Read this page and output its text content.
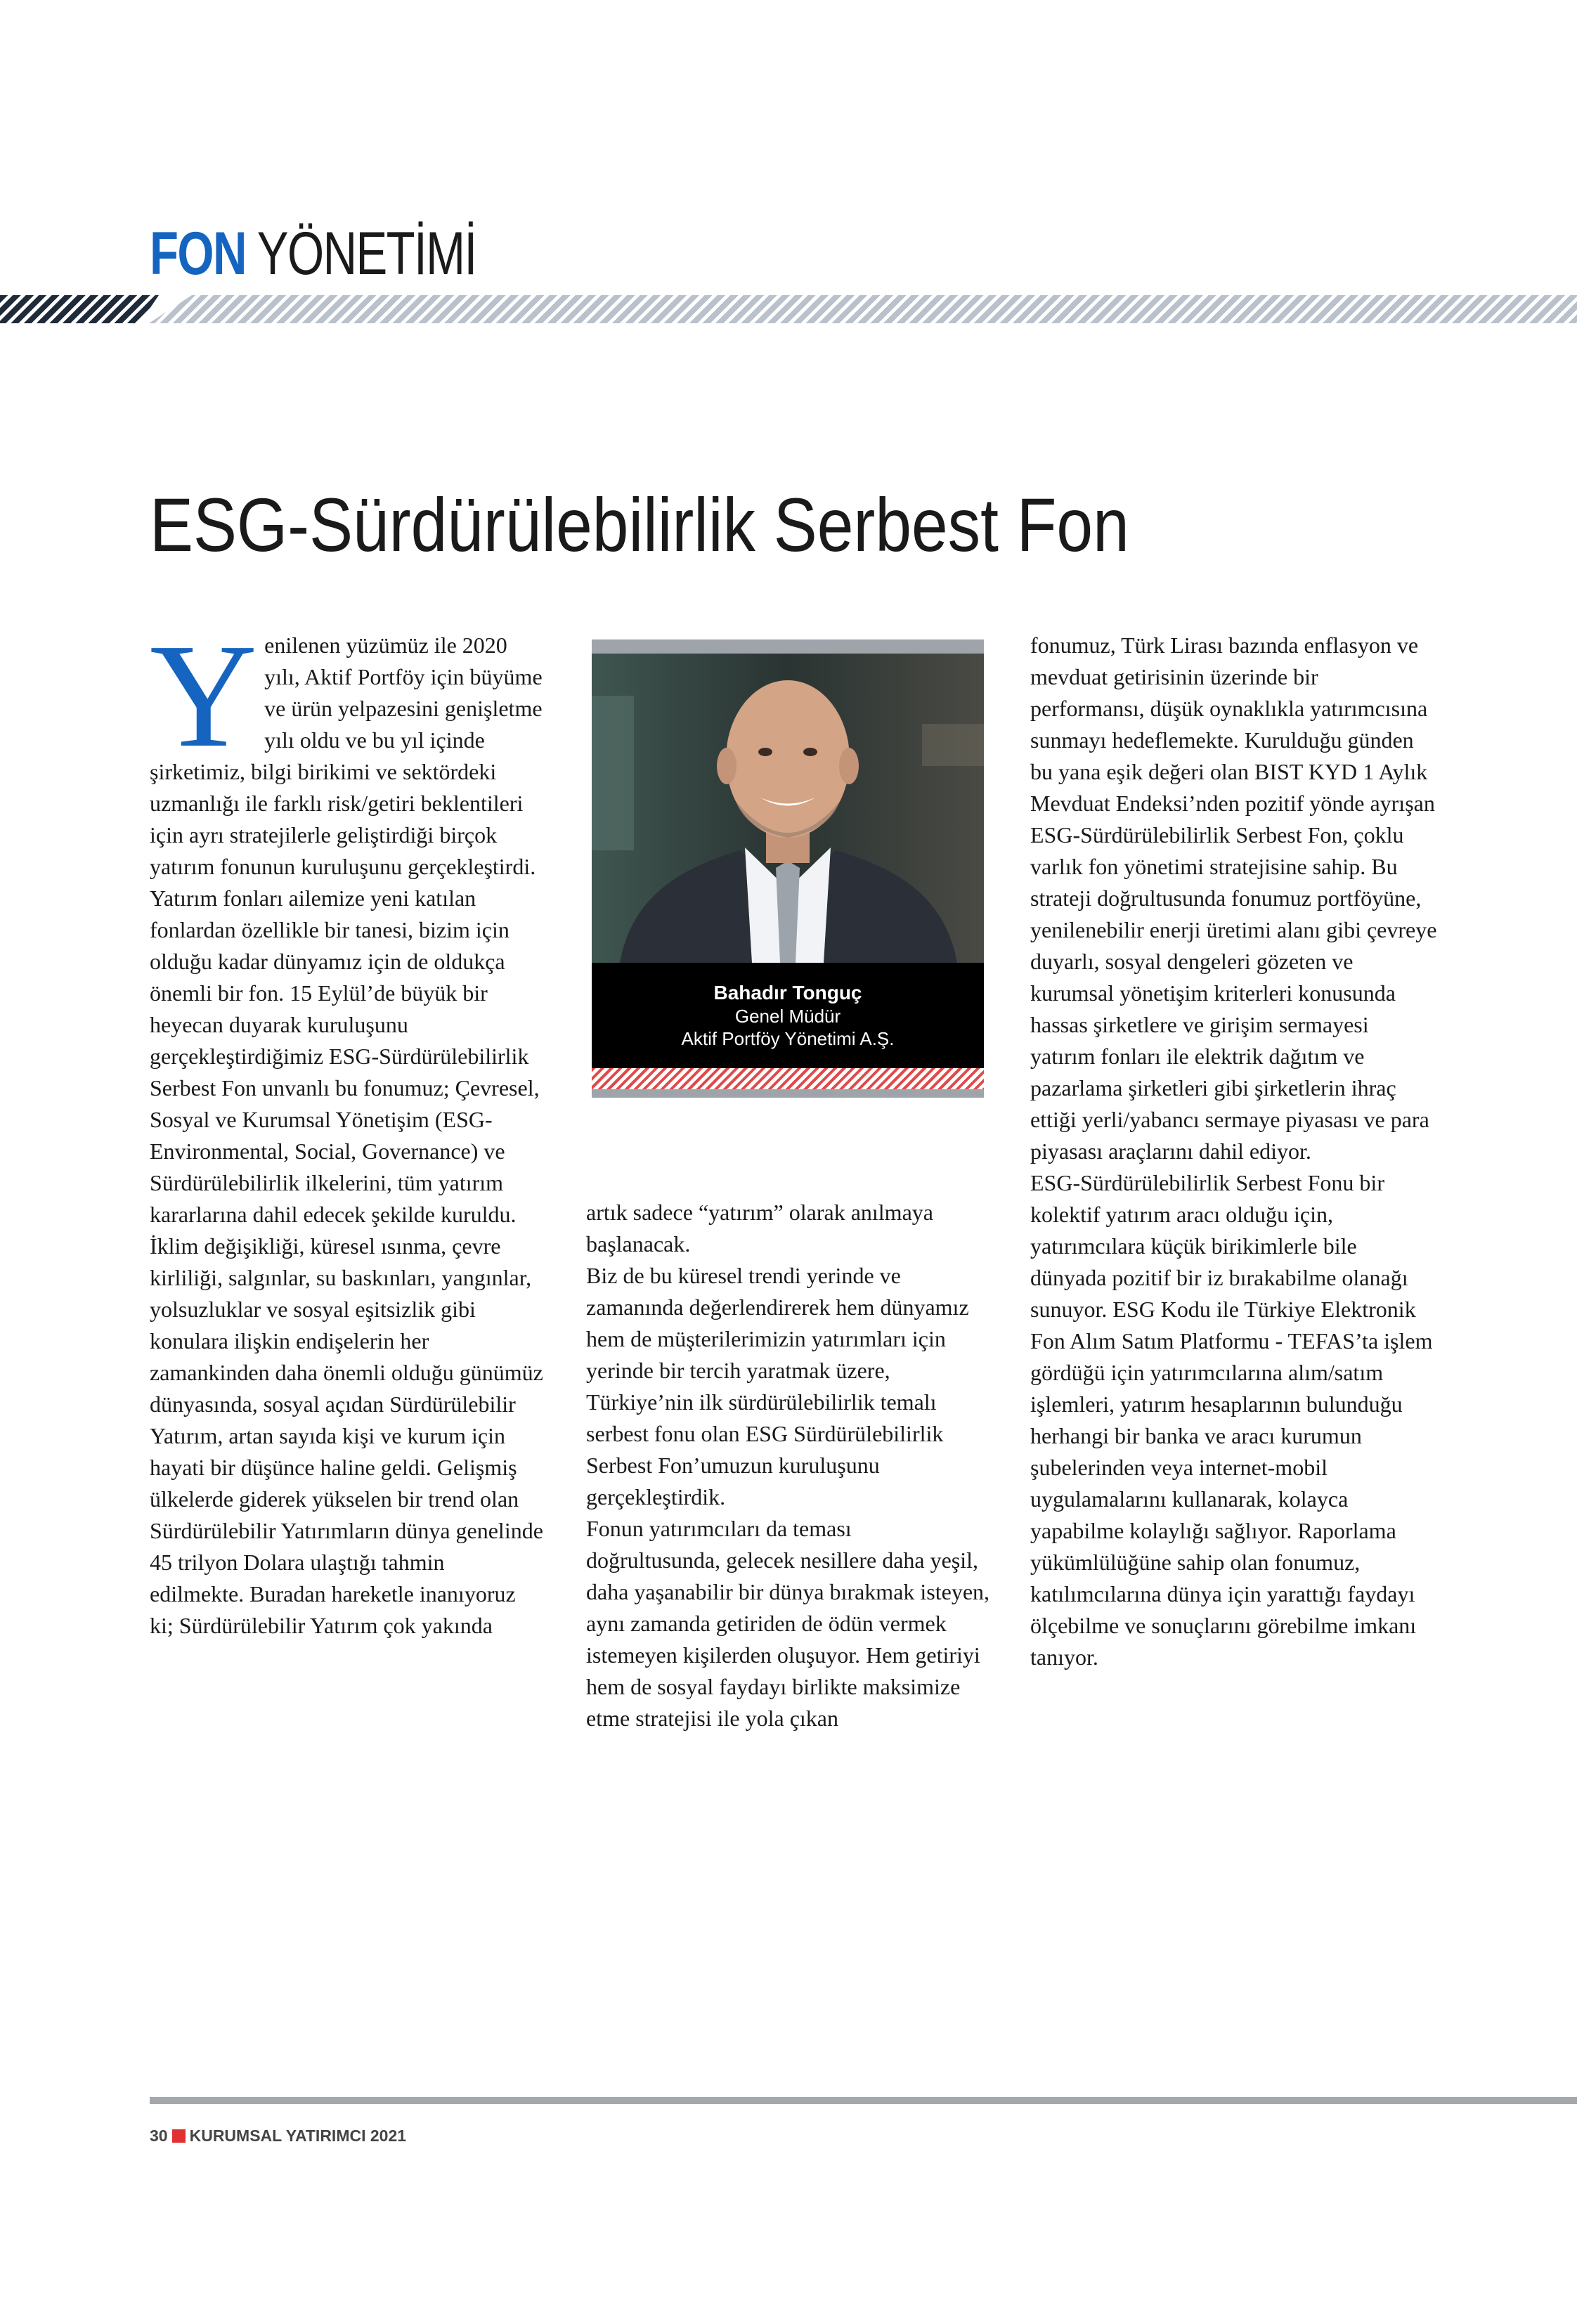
FON YÖNETİMİ
ESG-Sürdürülebilirlik Serbest Fon
Y enilenen yüzümüz ile 2020 yılı, Aktif Portföy için büyüme ve ürün yelpazesini genişletme yılı oldu ve bu yıl içinde şirketimiz, bilgi birikimi ve sektördeki uzmanlığı ile farklı risk/getiri beklentileri için ayrı stratejilerle geliştirdiği birçok yatırım fonunun kuruluşunu gerçekleştirdi. Yatırım fonları ailemize yeni katılan fonlardan özellikle bir tanesi, bizim için olduğu kadar dünyamız için de oldukça önemli bir fon. 15 Eylül’de büyük bir heyecan duyarak kuruluşunu gerçekleştirdiğimiz ESG-Sürdürülebilirlik Serbest Fon unvanlı bu fonumuz; Çevresel, Sosyal ve Kurumsal Yönetişim (ESG-Environmental, Social, Governance) ve Sürdürülebilirlik ilkelerini, tüm yatırım kararlarına dahil edecek şekilde kuruldu.

İklim değişikliği, küresel ısınma, çevre kirliliği, salgınlar, su baskınları, yangınlar, yolsuzluklar ve sosyal eşitsizlik gibi konulara ilişkin endişelerin her zamankinden daha önemli olduğu günümüz dünyasında, sosyal açıdan Sürdürülebilir Yatırım, artan sayıda kişi ve kurum için hayati bir düşünce haline geldi. Gelişmiş ülkelerde giderek yükselen bir trend olan Sürdürülebilir Yatırımların dünya genelinde 45 trilyon Dolara ulaştığı tahmin edilmekte. Buradan hareketle inanıyoruz ki; Sürdürülebilir Yatırım çok yakında

Bahadır Tonguç
Genel Müdür
Aktif Portföy Yönetimi A.Ş.

artık sadece “yatırım” olarak anılmaya başlanacak.

Biz de bu küresel trendi yerinde ve zamanında değerlendirerek hem dünyamız hem de müşterilerimizin yatırımları için yerinde bir tercih yaratmak üzere, Türkiye’nin ilk sürdürülebilirlik temalı serbest fonu olan ESG Sürdürülebilirlik Serbest Fon’umuzun kuruluşunu gerçekleştirdik.

Fonun yatırımcıları da teması doğrultusunda, gelecek nesillere daha yeşil, daha yaşanabilir bir dünya bırakmak isteyen, aynı zamanda getiriden de ödün vermek istemeyen kişilerden oluşuyor. Hem getiriyi hem de sosyal faydayı birlikte maksimize etme stratejisi ile yola çıkan

fonumuz, Türk Lirası bazında enflasyon ve mevduat getirisinin üzerinde bir performansı, düşük oynaklıkla yatırımcısına sunmayı hedeflemekte. Kurulduğu günden bu yana eşik değeri olan BIST KYD 1 Aylık Mevduat Endeksi’nden pozitif yönde ayrışan ESG-Sürdürülebilirlik Serbest Fon, çoklu varlık fon yönetimi stratejisine sahip. Bu strateji doğrultusunda fonumuz portföyüne, yenilenebilir enerji üretimi alanı gibi çevreye duyarlı, sosyal dengeleri gözeten ve kurumsal yönetişim kriterleri konusunda hassas şirketlere ve girişim sermayesi yatırım fonları ile elektrik dağıtım ve pazarlama şirketleri gibi şirketlerin ihraç ettiği yerli/yabancı sermaye piyasası ve para piyasası araçlarını dahil ediyor.

ESG-Sürdürülebilirlik Serbest Fonu bir kolektif yatırım aracı olduğu için, yatırımcılara küçük birikimlerle bile dünyada pozitif bir iz bırakabilme olanağı sunuyor. ESG Kodu ile Türkiye Elektronik Fon Alım Satım Platformu - TEFAS’ta işlem gördüğü için yatırımcılarına alım/satım işlemleri, yatırım hesaplarının bulunduğu herhangi bir banka ve aracı kurumun şubelerinden veya internet-mobil uygulamalarını kullanarak, kolayca yapabilme kolaylığı sağlıyor. Raporlama yükümlülüğüne sahip olan fonumuz, katılımcılarına dünya için yarattığı faydayı ölçebilme ve sonuçlarını görebilme imkanı tanıyor.

30 KURUMSAL YATIRIMCI 2021
